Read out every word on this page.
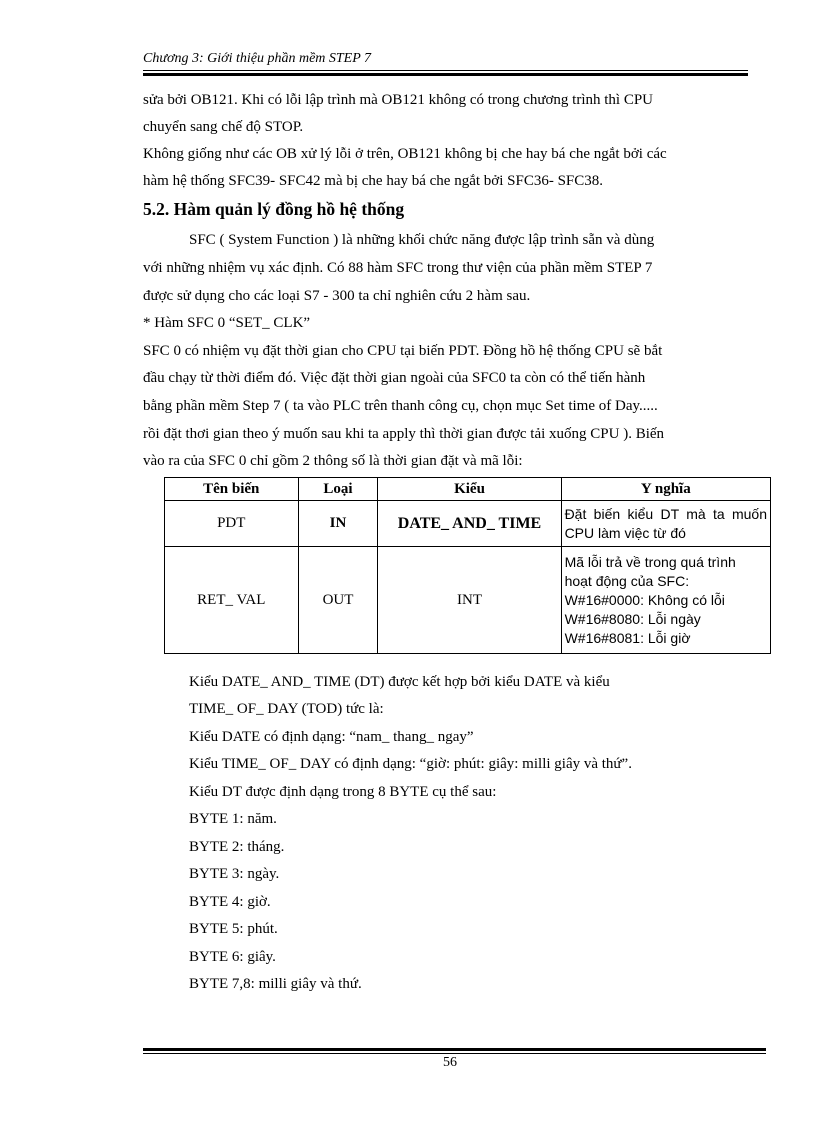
Chương 3: Giới thiệu phần mềm STEP 7
sửa bởi OB121. Khi có lỗi lập trình mà OB121 không có trong chương trình thì CPU
chuyển sang chế độ STOP.
Không giống như các OB xử lý lỗi ở trên, OB121 không bị che hay bá che ngắt bởi các
hàm hệ thống SFC39- SFC42 mà bị che hay bá che ngắt bởi SFC36- SFC38.
5.2. Hàm quản lý đồng hồ hệ thống
SFC ( System Function ) là những khối chức năng được lập trình sẵn và dùng
với những nhiệm vụ xác định. Có 88 hàm SFC trong thư viện của phần mềm STEP 7
được sử dụng cho các loại S7 - 300 ta chỉ nghiên cứu 2 hàm sau.
* Hàm SFC 0 “SET_ CLK”
SFC 0 có nhiệm vụ đặt thời gian cho CPU tại biến PDT. Đồng hồ hệ thống CPU sẽ bắt
đầu chạy từ thời điểm đó. Việc đặt thời gian ngoài của SFC0 ta còn có thể tiến hành
bằng phần mềm Step 7 ( ta vào PLC trên thanh công cụ, chọn mục Set time of Day.....
rồi đặt thơi gian theo ý muốn sau khi ta apply thì thời gian được tải xuống CPU ). Biến
vào ra của SFC 0 chỉ gồm 2 thông số là thời gian đặt và mã lỗi:
Tên biến	Loại	Kiểu	Y nghĩa
PDT	IN	DATE_ AND_ TIME	Đặt biến kiểu DT mà ta muốn CPU làm việc từ đó
RET_ VAL	OUT	INT	Mã lỗi trả về trong quá trình
hoạt động của SFC:
W#16#0000: Không có lỗi
W#16#8080: Lỗi ngày
W#16#8081: Lỗi giờ
Kiểu DATE_ AND_ TIME (DT) được kết hợp bởi kiểu DATE và kiểu
TIME_ OF_ DAY (TOD) tức là:
Kiểu DATE có định dạng: “nam_ thang_ ngay”
Kiểu TIME_ OF_ DAY có định dạng: “giờ: phút: giây: milli giây và thứ”.
Kiểu DT được định dạng trong 8 BYTE cụ thể sau:
BYTE 1: năm.
BYTE 2: tháng.
BYTE 3: ngày.
BYTE 4: giờ.
BYTE 5: phút.
BYTE 6: giây.
BYTE 7,8: milli giây và thứ.
56
